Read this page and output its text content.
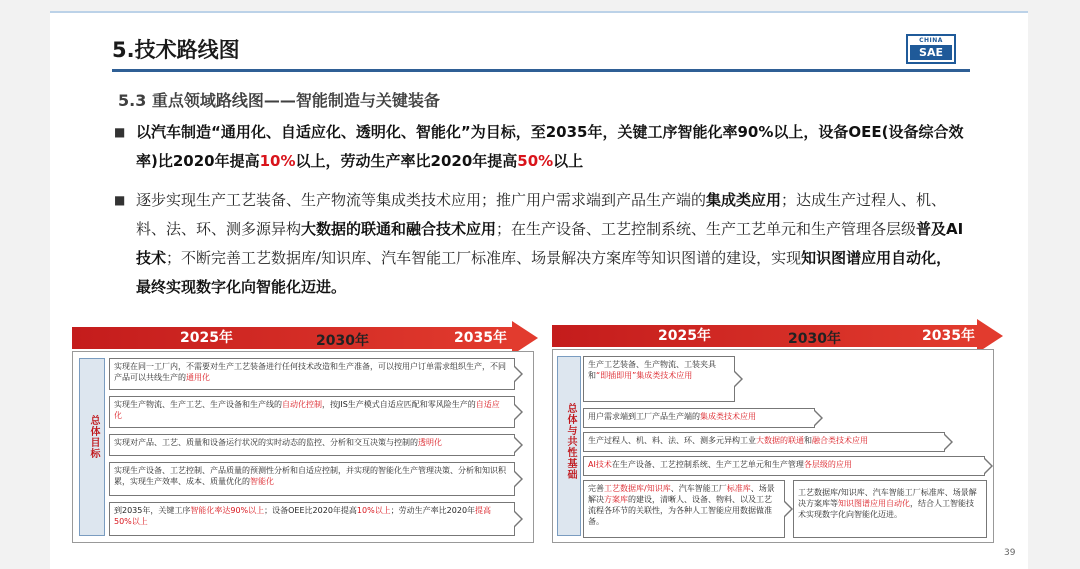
5.技术路线图	CHINA
SAE
5.3 重点领域路线图——智能制造与关键装备
■ 以汽车制造“通用化、自适应化、透明化、智能化”为目标，至2035年，关键工序智能化率90%以上，设备OEE(设备综合效率)比2020年提高10%以上，劳动生产率比2020年提高50%以上
■ 逐步实现生产工艺装备、生产物流等集成类技术应用；推广用户需求端到产品生产端的集成类应用；达成生产过程人、机、料、法、环、测多源异构大数据的联通和融合技术应用；在生产设备、工艺控制系统、生产工艺单元和生产管理各层级普及AI技术；不断完善工艺数据库/知识库、汽车智能工厂标准库、场景解决方案库等知识图谱的建设，实现知识图谱应用自动化，最终实现数字化向智能化迈进。
2025年	2030年	2035年
总体目标
实现在同一工厂内，不需要对生产工艺装备进行任何技术改造和生产准备，可以按用户订单需求组织生产，不同产品可以共线生产的通用化
实现生产物流、生产工艺、生产设备和生产线的自动化控制，按JIS生产模式自适应匹配和零风险生产的自适应化
实现对产品、工艺、质量和设备运行状况的实时动态的监控、分析和交互决策与控制的透明化
实现生产设备、工艺控制、产品质量的预测性分析和自适应控制，并实现的智能化生产管理决策、分析和知识积累，实现生产效率、成本、质量优化的智能化
到2035年，关键工序智能化率达90%以上；设备OEE比2020年提高10%以上；劳动生产率比2020年提高50%以上
2025年	2030年	2035年
总体与共性基础
生产工艺装备、生产物流、工装夹具和“即插即用”集成类技术应用
用户需求端到工厂产品生产端的集成类技术应用
生产过程人、机、料、法、环、测多元异构工业大数据的联通和融合类技术应用
AI技术在生产设备、工艺控制系统、生产工艺单元和生产管理各层级的应用
完善工艺数据库/知识库、汽车智能工厂标准库、场景解决方案库的建设，清晰人、设备、物料、以及工艺流程各环节的关联性，为各种人工智能应用数据做准备。
工艺数据库/知识库、汽车智能工厂标准库、场景解决方案库等知识图谱应用自动化，结合人工智能技术实现数字化向智能化迈进。
39
